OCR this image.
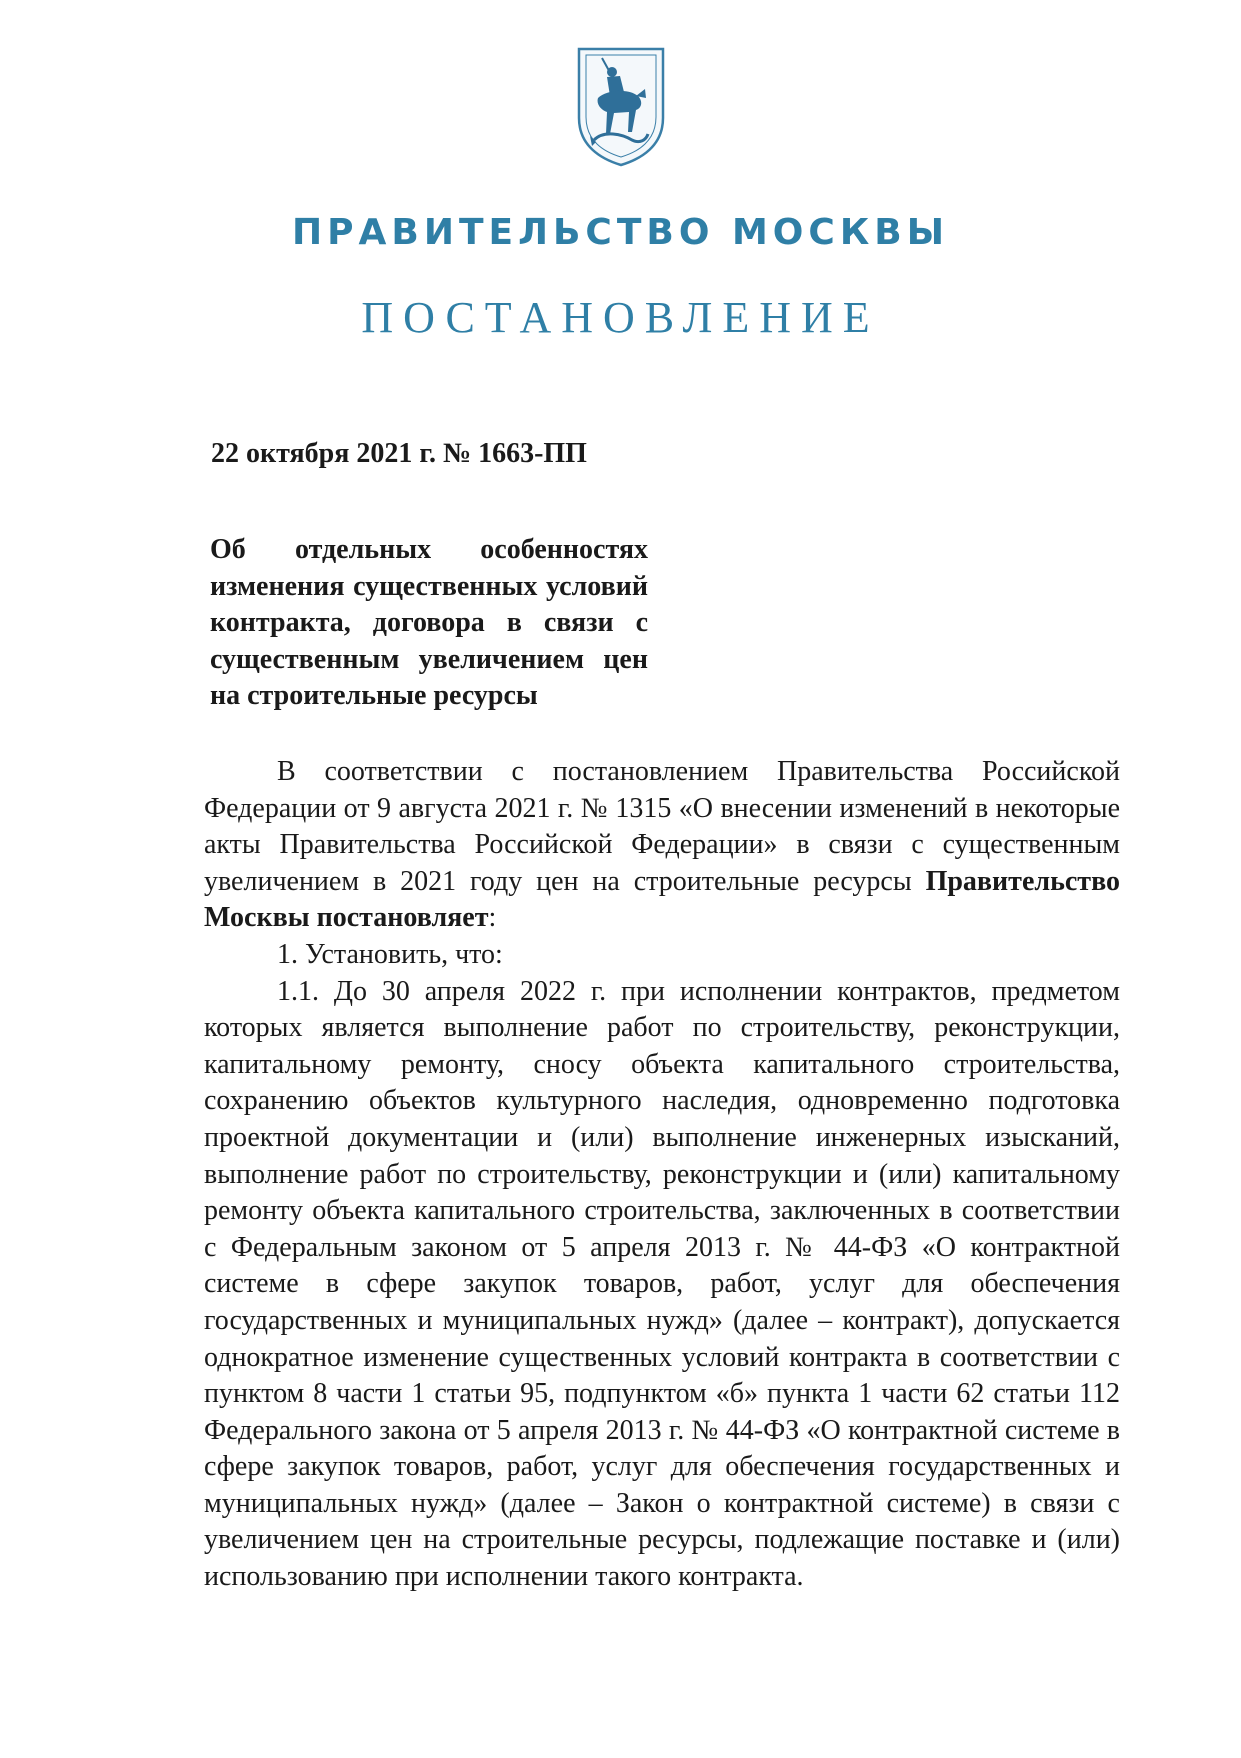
ПРАВИТЕЛЬСТВО МОСКВЫ
ПОСТАНОВЛЕНИЕ
22 октября 2021 г. № 1663-ПП
Об отдельных особенностях изменения существенных условий контракта, договора в связи с существенным увеличением цен на строительные ресурсы

В соответствии с постановлением Правительства Российской Федерации от 9 августа 2021 г. № 1315 «О внесении изменений в некоторые акты Правительства Российской Федерации» в связи с существенным увеличением в 2021 году цен на строительные ресурсы Правительство Москвы постановляет:

1. Установить, что:

1.1. До 30 апреля 2022 г. при исполнении контрактов, предметом которых является выполнение работ по строительству, реконструкции, капитальному ремонту, сносу объекта капитального строительства, сохранению объектов культурного наследия, одновременно подготовка проектной документации и (или) выполнение инженерных изысканий, выполнение работ по строительству, реконструкции и (или) капитальному ремонту объекта капитального строительства, заключенных в соответствии с Федеральным законом от 5 апреля 2013 г. № 44-ФЗ «О контрактной системе в сфере закупок товаров, работ, услуг для обеспечения государственных и муниципальных нужд» (далее – контракт), допускается однократное изменение существенных условий контракта в соответствии с пунктом 8 части 1 статьи 95, подпунктом «б» пункта 1 части 62 статьи 112 Федерального закона от 5 апреля 2013 г. № 44-ФЗ «О контрактной системе в сфере закупок товаров, работ, услуг для обеспечения государственных и муниципальных нужд» (далее – Закон о контрактной системе) в связи с увеличением цен на строительные ресурсы, подлежащие поставке и (или) использованию при исполнении такого контракта.
